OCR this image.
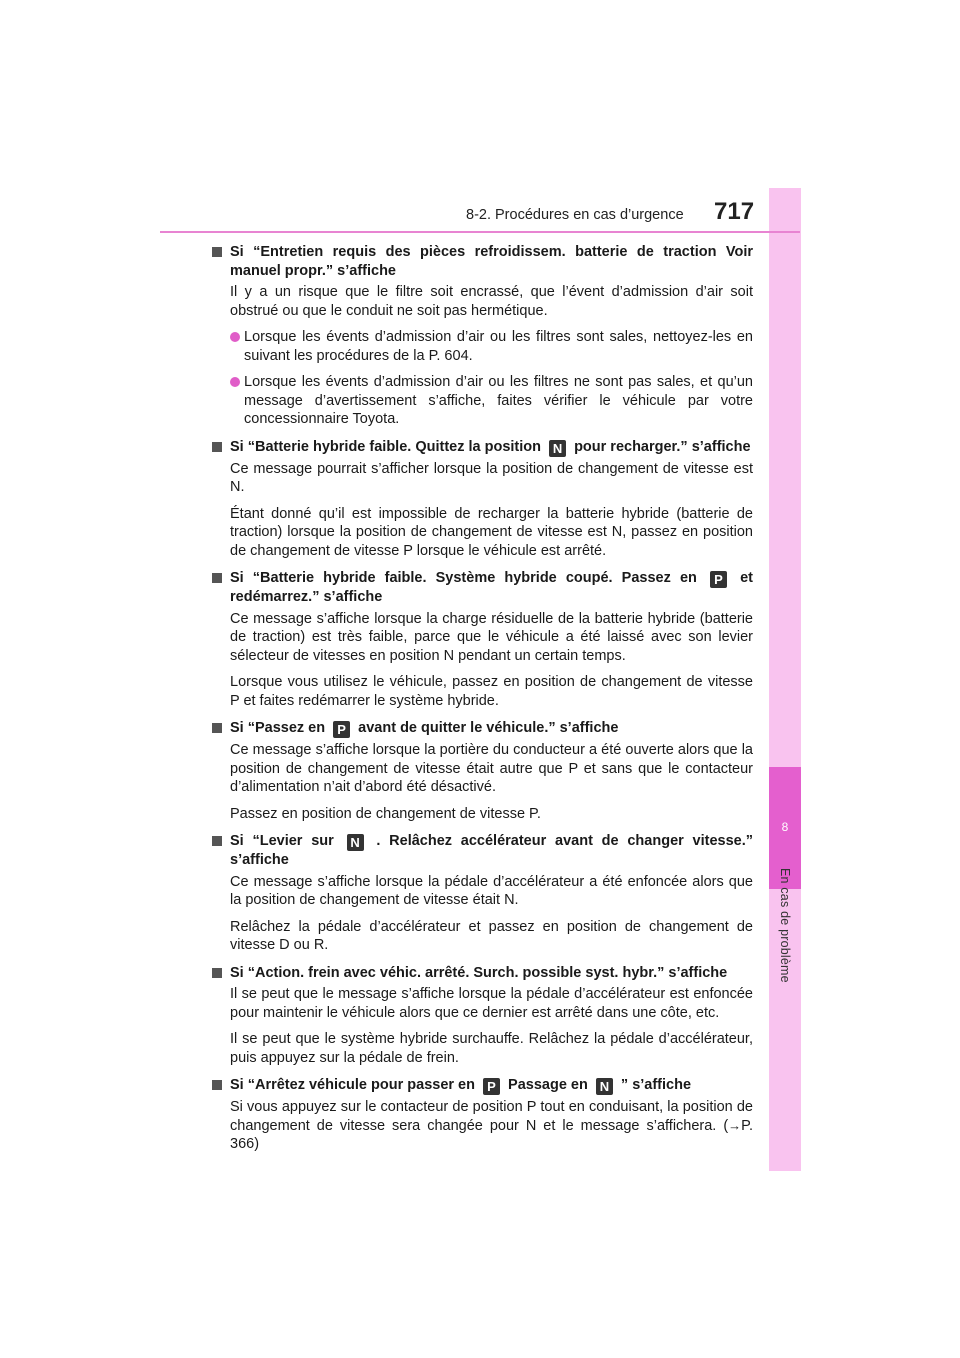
8
En cas de problème
8-2. Procédures en cas d’urgence 717
Si “Entretien requis des pièces refroidissem. batterie de traction Voir manuel propr.” s’affiche
Il y a un risque que le filtre soit encrassé, que l’évent d’admission d’air soit obstrué ou que le conduit ne soit pas hermétique.
Lorsque les évents d’admission d’air ou les filtres sont sales, nettoyez-les en suivant les procédures de la P. 604.
Lorsque les évents d’admission d’air ou les filtres ne sont pas sales, et qu’un message d’avertissement s’affiche, faites vérifier le véhicule par votre concessionnaire Toyota.
Si “Batterie hybride faible. Quittez la position N pour recharger.” s’affiche
Ce message pourrait s’afficher lorsque la position de changement de vitesse est N.
Étant donné qu’il est impossible de recharger la batterie hybride (batterie de traction) lorsque la position de changement de vitesse est N, passez en position de changement de vitesse P lorsque le véhicule est arrêté.
Si “Batterie hybride faible. Système hybride coupé. Passez en P et redémarrez.” s’affiche
Ce message s’affiche lorsque la charge résiduelle de la batterie hybride (batterie de traction) est très faible, parce que le véhicule a été laissé avec son levier sélecteur de vitesses en position N pendant un certain temps.
Lorsque vous utilisez le véhicule, passez en position de changement de vitesse P et faites redémarrer le système hybride.
Si “Passez en P avant de quitter le véhicule.” s’affiche
Ce message s’affiche lorsque la portière du conducteur a été ouverte alors que la position de changement de vitesse était autre que P et sans que le contacteur d’alimentation n’ait d’abord été désactivé.
Passez en position de changement de vitesse P.
Si “Levier sur N . Relâchez accélérateur avant de changer vitesse.” s’affiche
Ce message s’affiche lorsque la pédale d’accélérateur a été enfoncée alors que la position de changement de vitesse était N.
Relâchez la pédale d’accélérateur et passez en position de changement de vitesse D ou R.
Si “Action. frein avec véhic. arrêté. Surch. possible syst. hybr.” s’affiche
Il se peut que le message s’affiche lorsque la pédale d’accélérateur est enfoncée pour maintenir le véhicule alors que ce dernier est arrêté dans une côte, etc.
Il se peut que le système hybride surchauffe. Relâchez la pédale d’accélérateur, puis appuyez sur la pédale de frein.
Si “Arrêtez véhicule pour passer en P Passage en N ” s’affiche
Si vous appuyez sur le contacteur de position P tout en conduisant, la position de changement de vitesse sera changée pour N et le message s’affichera. (→P. 366)
